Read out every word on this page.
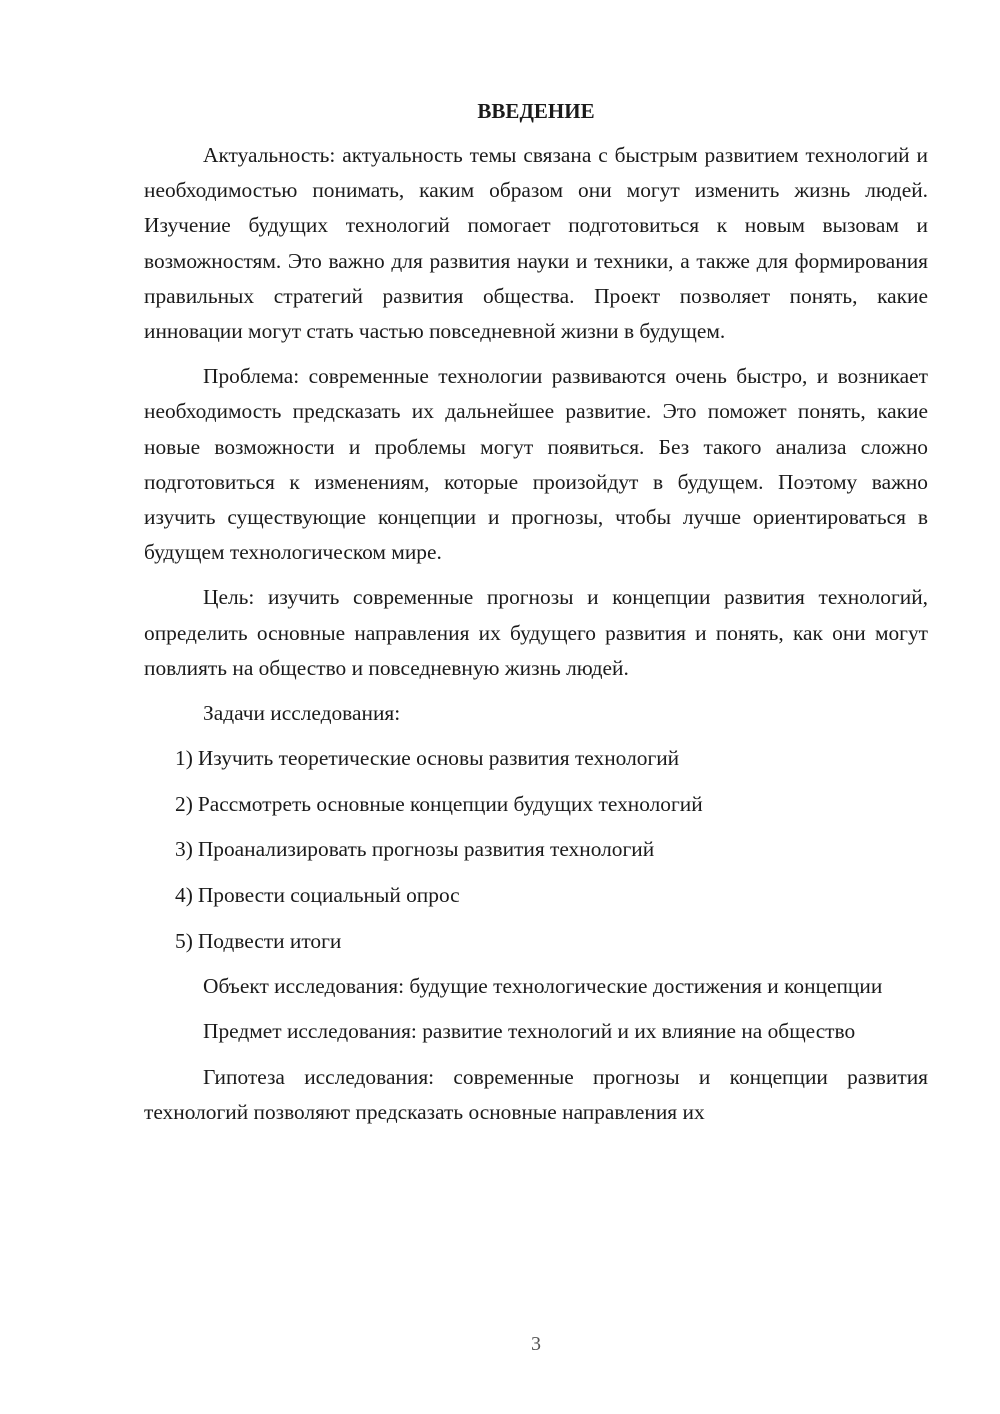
ВВЕДЕНИЕ

Актуальность: актуальность темы связана с быстрым развитием технологий и необходимостью понимать, каким образом они могут изменить жизнь людей. Изучение будущих технологий помогает подготовиться к новым вызовам и возможностям. Это важно для развития науки и техники, а также для формирования правильных стратегий развития общества. Проект позволяет понять, какие инновации могут стать частью повседневной жизни в будущем.

Проблема: современные технологии развиваются очень быстро, и возникает необходимость предсказать их дальнейшее развитие. Это поможет понять, какие новые возможности и проблемы могут появиться. Без такого анализа сложно подготовиться к изменениям, которые произойдут в будущем. Поэтому важно изучить существующие концепции и прогнозы, чтобы лучше ориентироваться в будущем технологическом мире.

Цель: изучить современные прогнозы и концепции развития технологий, определить основные направления их будущего развития и понять, как они могут повлиять на общество и повседневную жизнь людей.

Задачи исследования:

1) Изучить теоретические основы развития технологий
2) Рассмотреть основные концепции будущих технологий
3) Проанализировать прогнозы развития технологий
4) Провести социальный опрос
5) Подвести итоги

Объект исследования: будущие технологические достижения и концепции

Предмет исследования: развитие технологий и их влияние на общество

Гипотеза исследования: современные прогнозы и концепции развития технологий позволяют предсказать основные направления их

3
